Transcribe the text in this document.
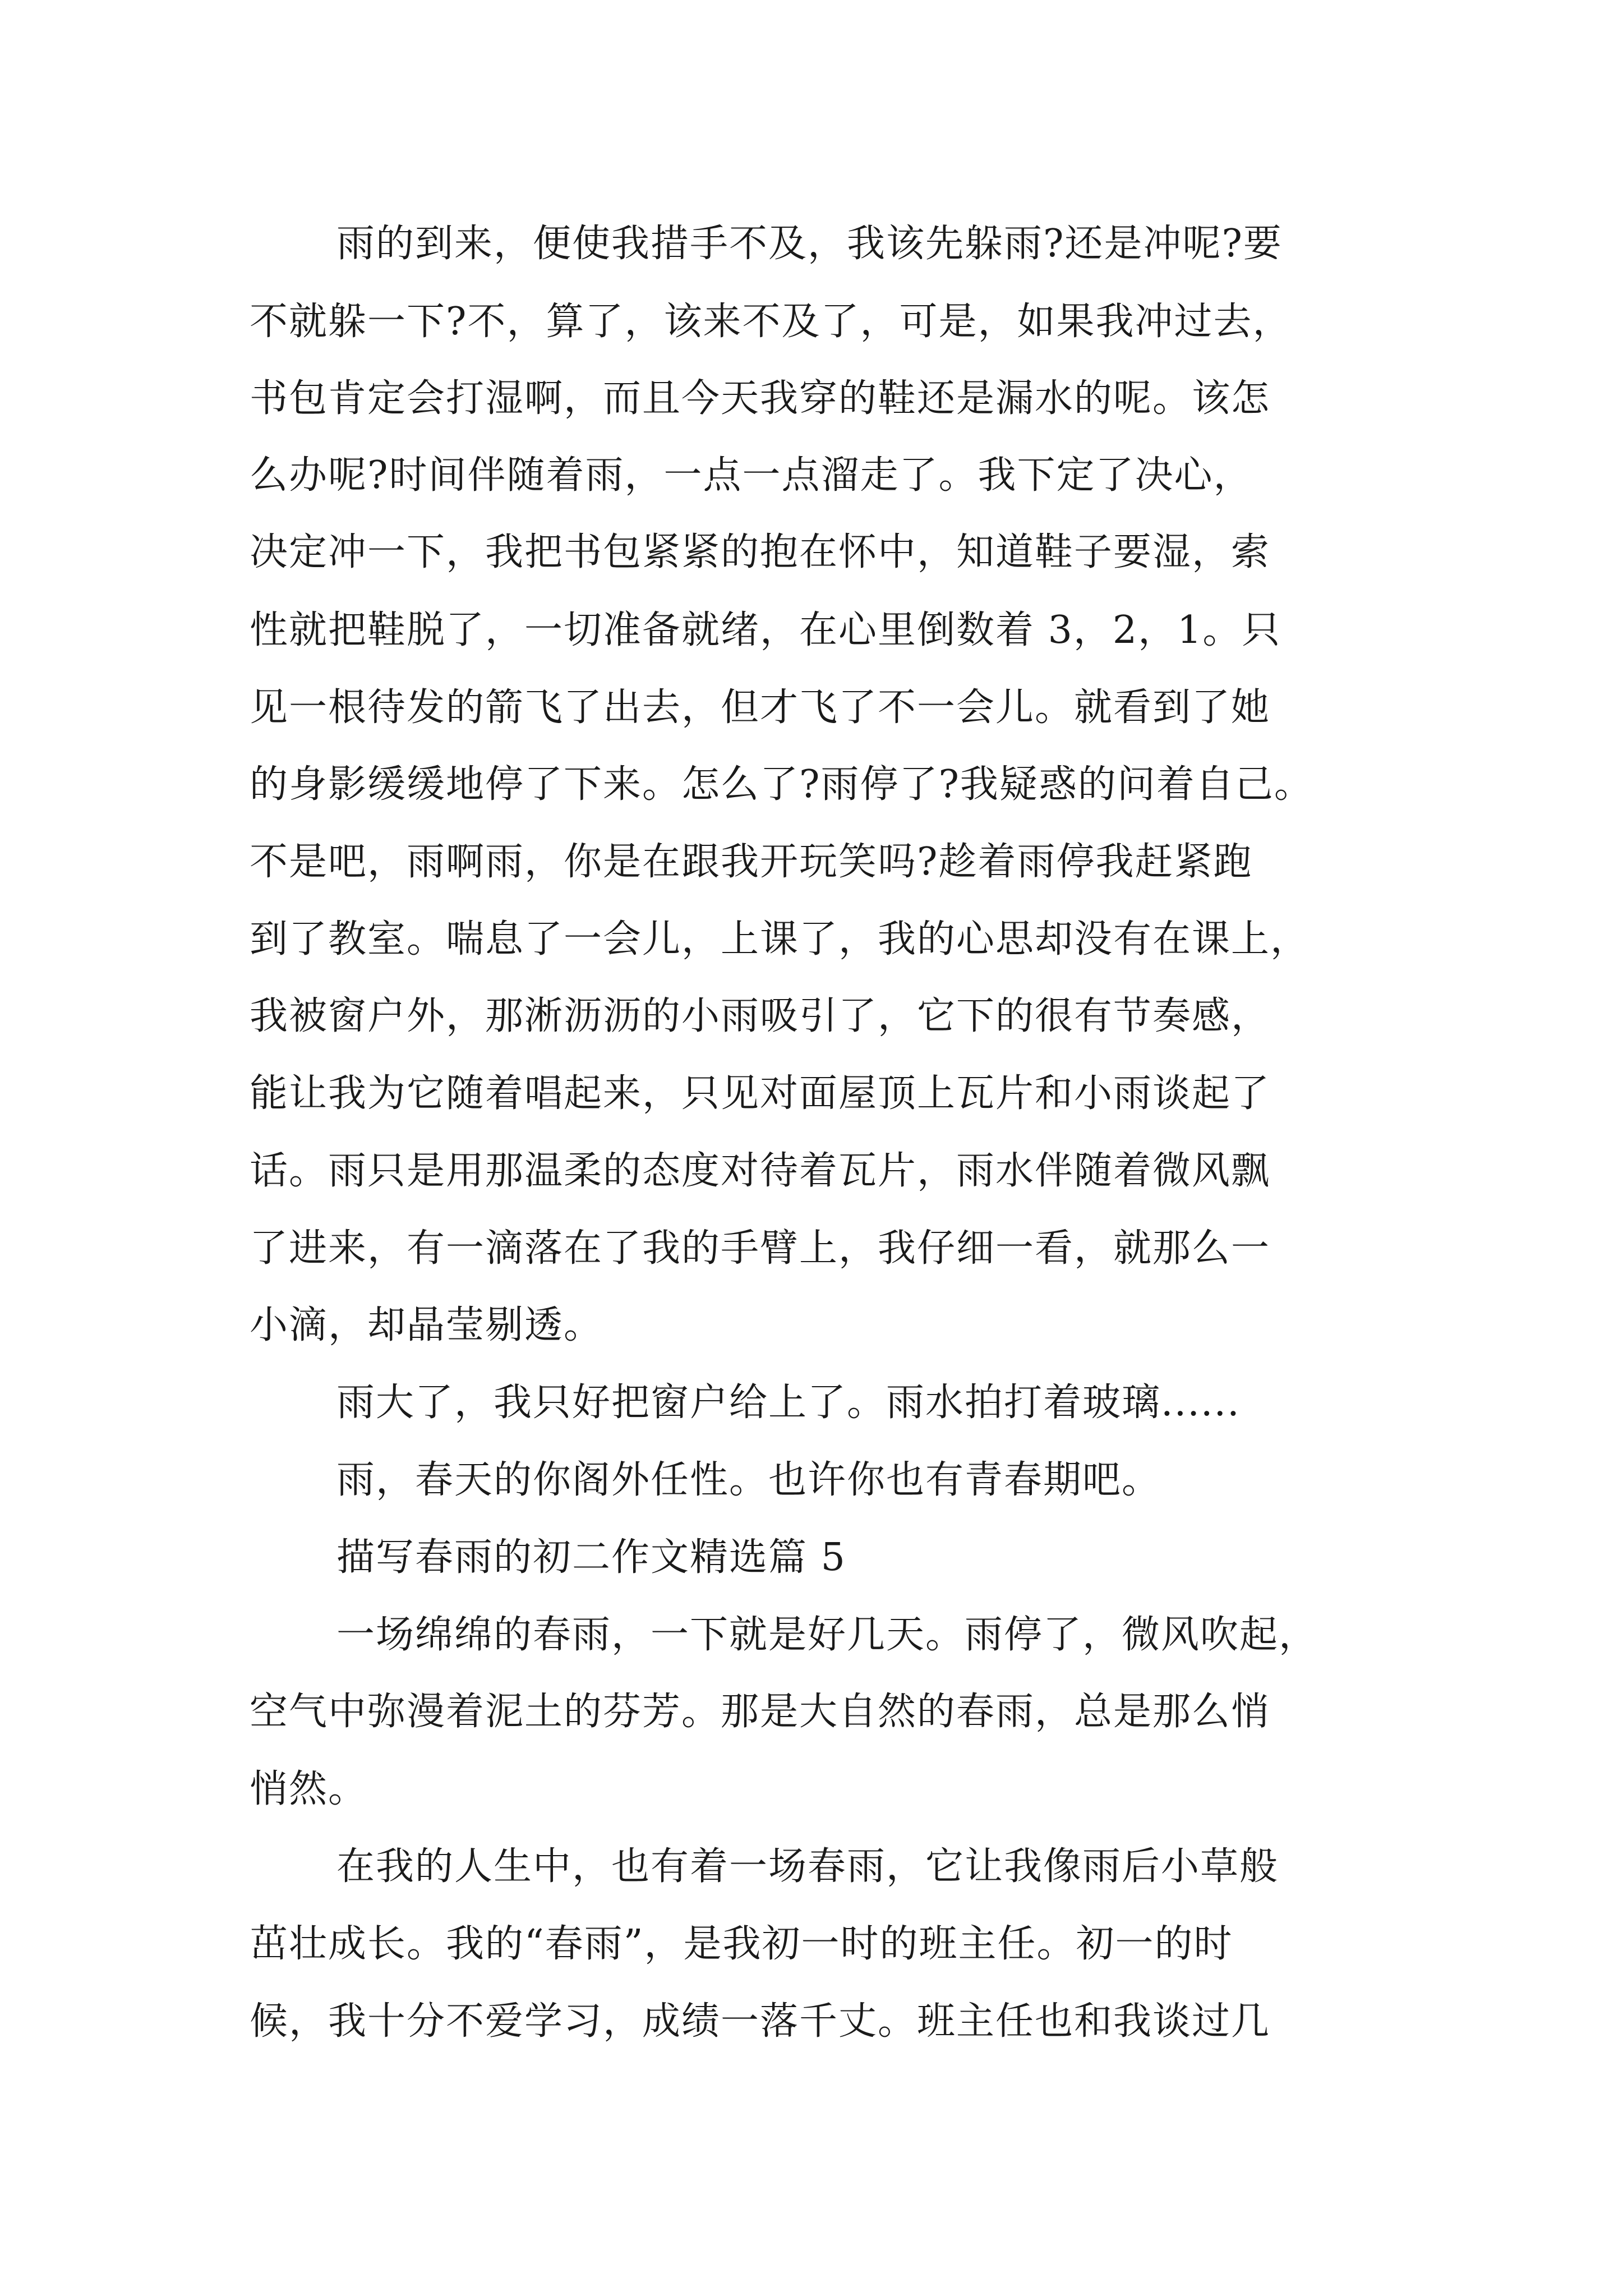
雨的到来，便使我措手不及，我该先躲雨?还是冲呢?要
不就躲一下?不，算了，该来不及了，可是，如果我冲过去，
书包肯定会打湿啊，而且今天我穿的鞋还是漏水的呢。该怎
么办呢?时间伴随着雨，一点一点溜走了。我下定了决心，
决定冲一下，我把书包紧紧的抱在怀中，知道鞋子要湿，索
性就把鞋脱了，一切准备就绪，在心里倒数着 3，2，1。只
见一根待发的箭飞了出去，但才飞了不一会儿。就看到了她
的身影缓缓地停了下来。怎么了?雨停了?我疑惑的问着自己。
不是吧，雨啊雨，你是在跟我开玩笑吗?趁着雨停我赶紧跑
到了教室。喘息了一会儿，上课了，我的心思却没有在课上，
我被窗户外，那淅沥沥的小雨吸引了，它下的很有节奏感，
能让我为它随着唱起来，只见对面屋顶上瓦片和小雨谈起了
话。雨只是用那温柔的态度对待着瓦片，雨水伴随着微风飘
了进来，有一滴落在了我的手臂上，我仔细一看，就那么一
小滴，却晶莹剔透。
雨大了，我只好把窗户给上了。雨水拍打着玻璃......
雨，春天的你阁外任性。也许你也有青春期吧。
描写春雨的初二作文精选篇 5
一场绵绵的春雨，一下就是好几天。雨停了，微风吹起，
空气中弥漫着泥土的芬芳。那是大自然的春雨，总是那么悄
悄然。
在我的人生中，也有着一场春雨，它让我像雨后小草般
茁壮成长。我的“春雨”，是我初一时的班主任。初一的时
候，我十分不爱学习，成绩一落千丈。班主任也和我谈过几
